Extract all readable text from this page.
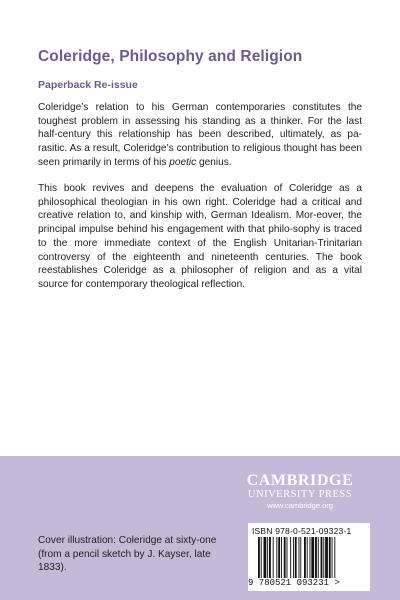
Coleridge, Philosophy and Religion
Paperback Re-issue

Coleridge’s relation to his German contemporaries constitutes the toughest problem in assessing his standing as a thinker. For the last half-century this relationship has been described, ultimately, as pa-rasitic. As a result, Coleridge’s contribution to religious thought has been seen primarily in terms of his poetic genius.

This book revives and deepens the evaluation of Coleridge as a philosophical theologian in his own right. Coleridge had a critical and creative relation to, and kinship with, German Idealism. Mor-eover, the principal impulse behind his engagement with that philo-sophy is traced to the more immediate context of the English Unitarian-Trinitarian controversy of the eighteenth and nineteenth centuries. The book reestablishes Coleridge as a philosopher of religion and as a vital source for contemporary theological reflection.

CAMBRIDGE
UNIVERSITY PRESS
www.cambridge.org
Cover illustration: Coleridge at sixty-one (from a pencil sketch by J. Kayser, late 1833).
ISBN 978-0-521-09323-1
9 780521 093231 >
